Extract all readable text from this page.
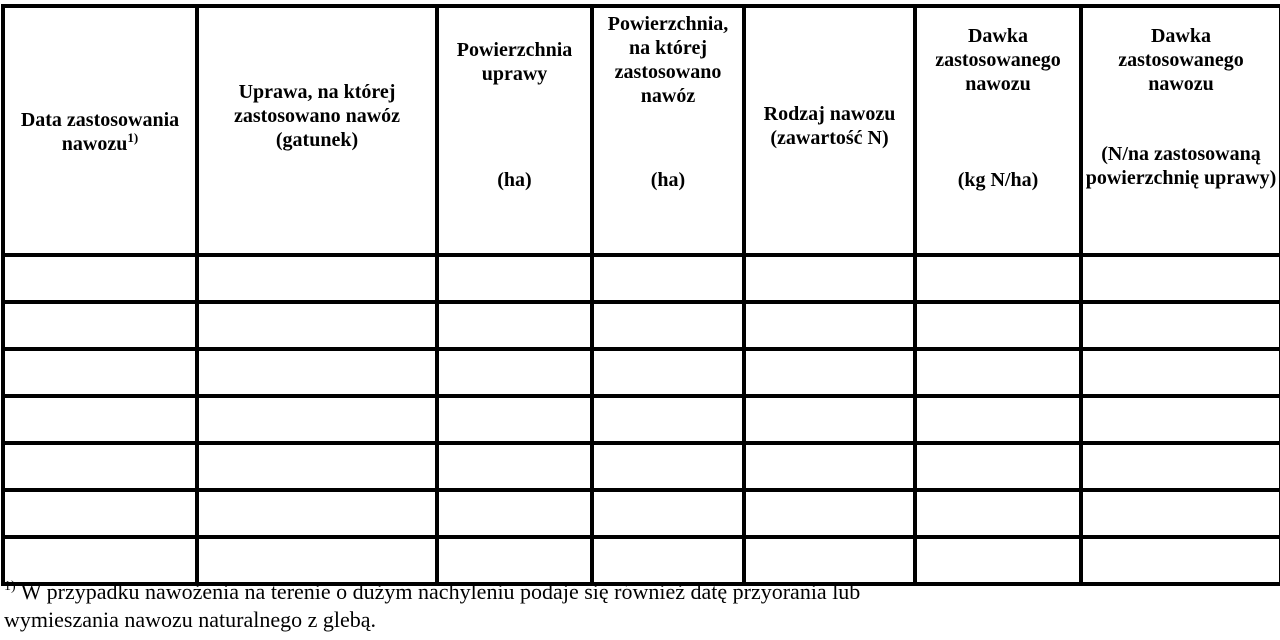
Data zastosowania
nawozu$^{1)}$	Uprawa, na której
zastosowano nawóz
(gatunek)	Powierzchnia
uprawy
(ha)	Powierzchnia,
na której
zastosowano
nawóz
(ha)	Rodzaj nawozu
(zawartość N)	Dawka
zastosowanego
nawozu
(kg N/ha)	Dawka
zastosowanego
nawozu
(N/na zastosowaną powierzchnię uprawy)

$^{1)}$ W przypadku nawożenia na terenie o dużym nachyleniu podaje się również datę przyorania lub
wymieszania nawozu naturalnego z glebą.
